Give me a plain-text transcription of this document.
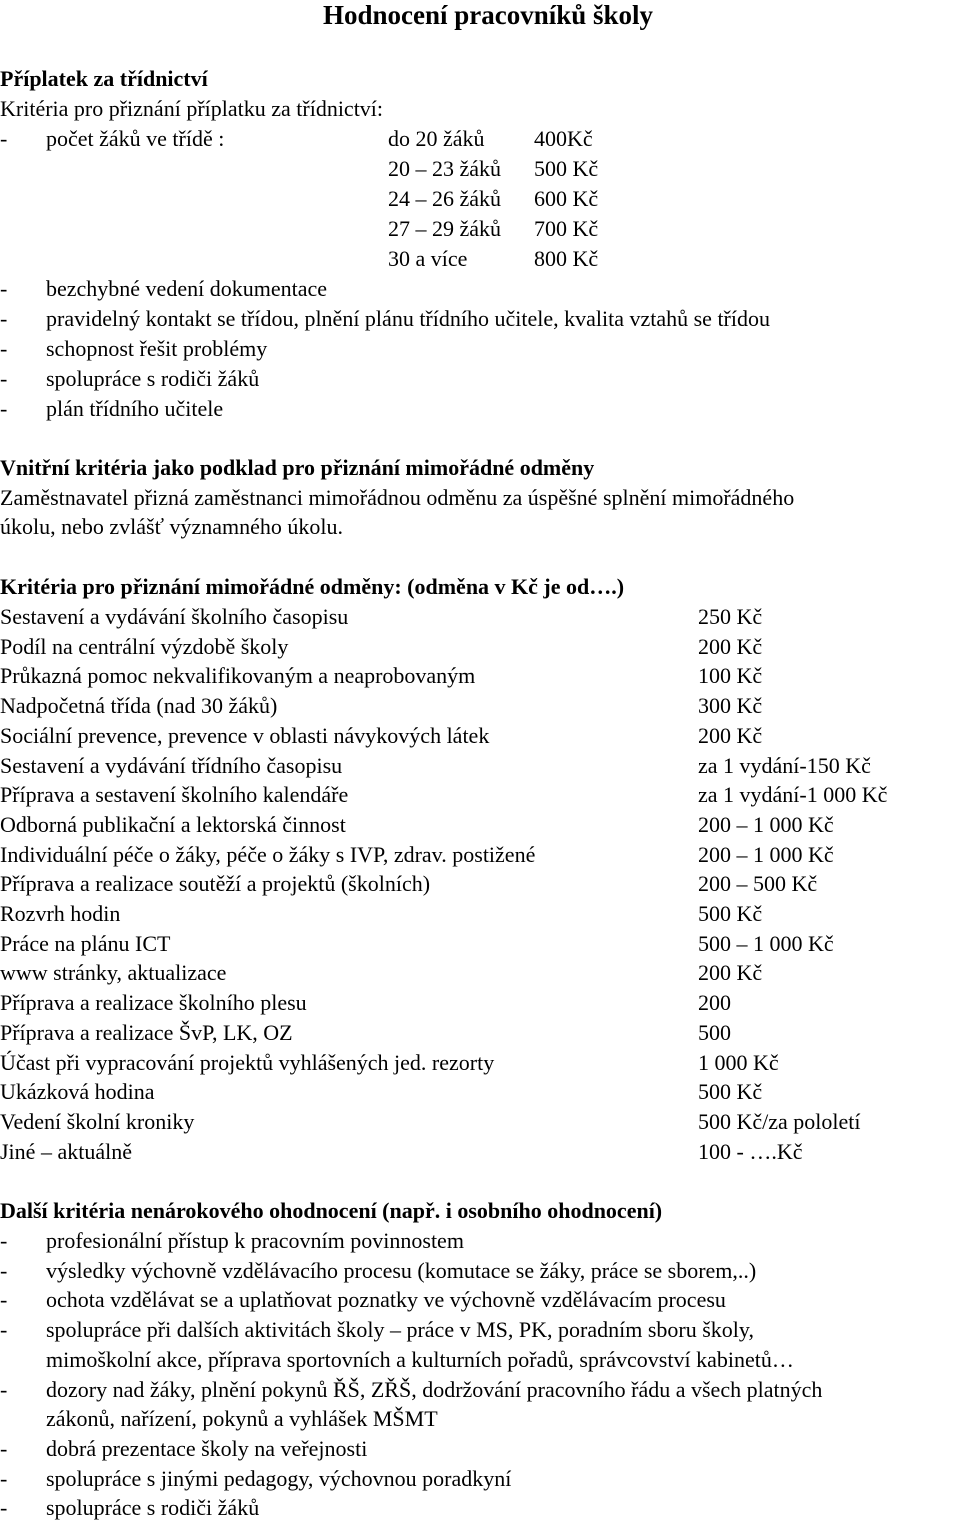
Hodnocení pracovníků školy
Příplatek za třídnictví
Kritéria pro přiznání příplatku za třídnictví:
- počet žáků ve třídě :	do 20 žáků 400Kč
20 – 23 žáků 500 Kč
24 – 26 žáků 600 Kč
27 – 29 žáků 700 Kč
30 a více	800 Kč
- bezchybné vedení dokumentace
- pravidelný kontakt se třídou, plnění plánu třídního učitele, kvalita vztahů se třídou
- schopnost řešit problémy
- spolupráce s rodiči žáků
- plán třídního učitele
Vnitřní kritéria jako podklad pro přiznání mimořádné odměny
Zaměstnavatel přizná zaměstnanci mimořádnou odměnu za úspěšné splnění mimořádného
úkolu, nebo zvlášť významného úkolu.
Kritéria pro přiznání mimořádné odměny: (odměna v Kč je od….)
Sestavení a vydávání školního časopisu	250 Kč
Podíl na centrální výzdobě školy	200 Kč
Průkazná pomoc nekvalifikovaným a neaprobovaným	100 Kč
Nadpočetná třída (nad 30 žáků)	300 Kč
Sociální prevence, prevence v oblasti návykových látek	200 Kč
Sestavení a vydávání třídního časopisu	za 1 vydání-150 Kč
Příprava a sestavení školního kalendáře	za 1 vydání-1 000 Kč
Odborná publikační a lektorská činnost	200 – 1 000 Kč
Individuální péče o žáky, péče o žáky s IVP, zdrav. postižené	200 – 1 000 Kč
Příprava a realizace soutěží a projektů (školních)	200 – 500 Kč
Rozvrh hodin	500 Kč
Práce na plánu ICT	500 – 1 000 Kč
www stránky, aktualizace	200 Kč
Příprava a realizace školního plesu	200
Příprava a realizace ŠvP, LK, OZ	500
Účast při vypracování projektů vyhlášených jed. rezorty	1 000 Kč
Ukázková hodina	500 Kč
Vedení školní kroniky	500 Kč/za pololetí
Jiné – aktuálně	100 - ….Kč
Další kritéria nenárokového ohodnocení (např. i osobního ohodnocení)
- profesionální přístup k pracovním povinnostem
- výsledky výchovně vzdělávacího procesu (komutace se žáky, práce se sborem,..)
- ochota vzdělávat se a uplatňovat poznatky ve výchovně vzdělávacím procesu
- spolupráce při dalších aktivitách školy – práce v MS, PK, poradním sboru školy,
mimoškolní akce, příprava sportovních a kulturních pořadů, správcovství kabinetů…
- dozory nad žáky, plnění pokynů ŘŠ, ZŘŠ, dodržování pracovního řádu a všech platných
zákonů, nařízení, pokynů a vyhlášek MŠMT
- dobrá prezentace školy na veřejnosti
- spolupráce s jinými pedagogy, výchovnou poradkyní
- spolupráce s rodiči žáků
